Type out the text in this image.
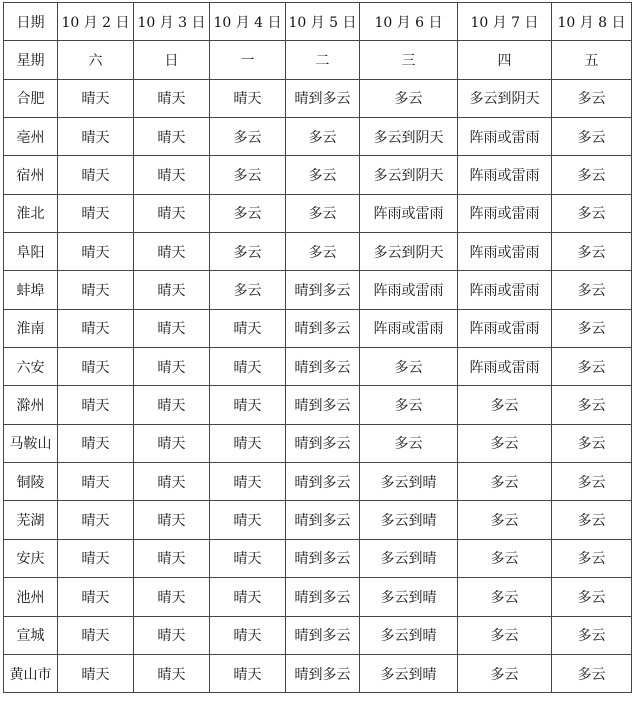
日期	10 月 2 日	10 月 3 日	10 月 4 日	10 月 5 日	10 月 6 日	10 月 7 日	10 月 8 日
星期	六	日	一	二	三	四	五
合肥	晴天	晴天	晴天	晴到多云	多云	多云到阴天	多云
亳州	晴天	晴天	多云	多云	多云到阴天	阵雨或雷雨	多云
宿州	晴天	晴天	多云	多云	多云到阴天	阵雨或雷雨	多云
淮北	晴天	晴天	多云	多云	阵雨或雷雨	阵雨或雷雨	多云
阜阳	晴天	晴天	多云	多云	多云到阴天	阵雨或雷雨	多云
蚌埠	晴天	晴天	多云	晴到多云	阵雨或雷雨	阵雨或雷雨	多云
淮南	晴天	晴天	晴天	晴到多云	阵雨或雷雨	阵雨或雷雨	多云
六安	晴天	晴天	晴天	晴到多云	多云	阵雨或雷雨	多云
滁州	晴天	晴天	晴天	晴到多云	多云	多云	多云
马鞍山	晴天	晴天	晴天	晴到多云	多云	多云	多云
铜陵	晴天	晴天	晴天	晴到多云	多云到晴	多云	多云
芜湖	晴天	晴天	晴天	晴到多云	多云到晴	多云	多云
安庆	晴天	晴天	晴天	晴到多云	多云到晴	多云	多云
池州	晴天	晴天	晴天	晴到多云	多云到晴	多云	多云
宣城	晴天	晴天	晴天	晴到多云	多云到晴	多云	多云
黄山市	晴天	晴天	晴天	晴到多云	多云到晴	多云	多云
